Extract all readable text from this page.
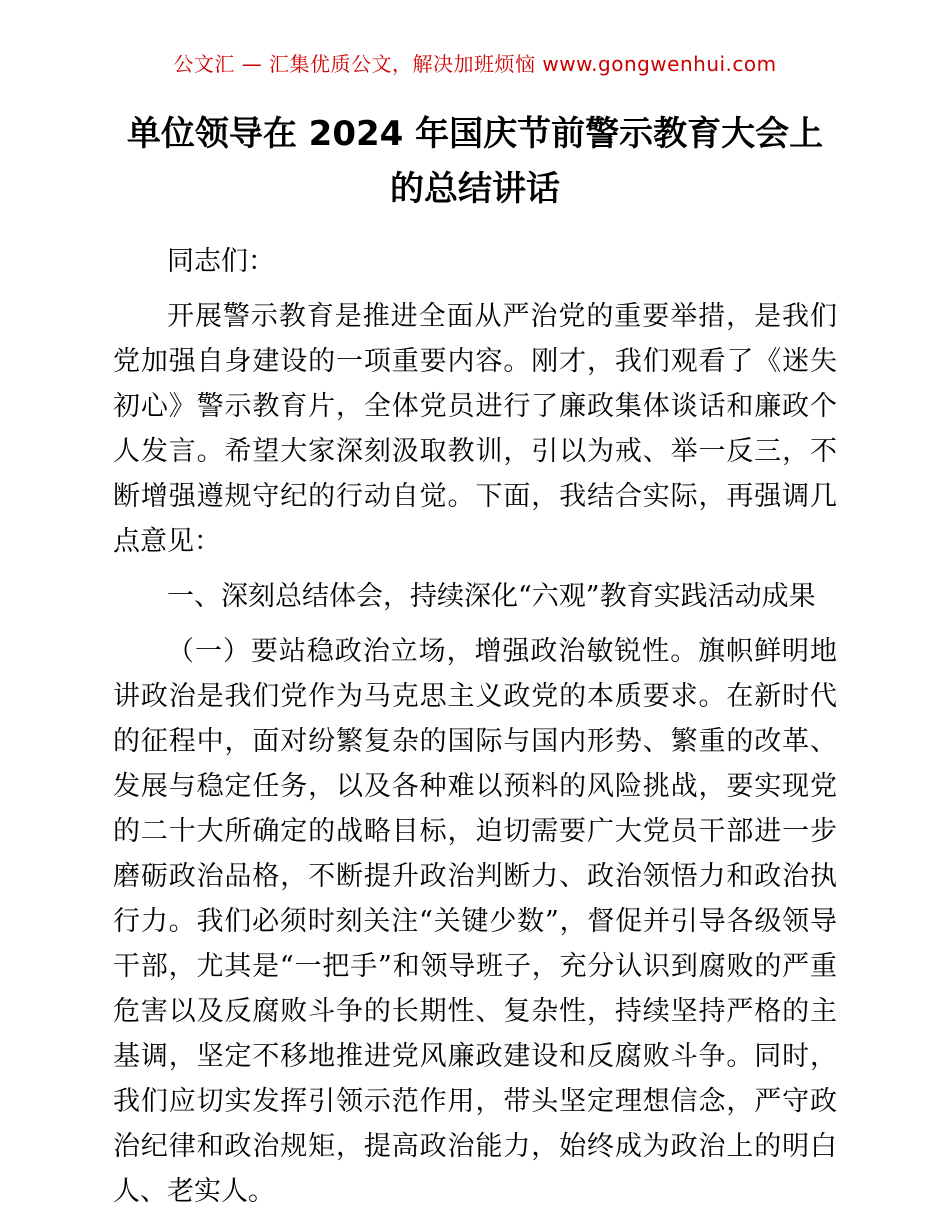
公文汇 — 汇集优质公文，解决加班烦恼 www.gongwenhui.com
单位领导在 2024 年国庆节前警示教育大会上的总结讲话

同志们：

开展警示教育是推进全面从严治党的重要举措，是我们党加强自身建设的一项重要内容。刚才，我们观看了《迷失初心》警示教育片，全体党员进行了廉政集体谈话和廉政个人发言。希望大家深刻汲取教训，引以为戒、举一反三，不断增强遵规守纪的行动自觉。下面，我结合实际，再强调几点意见：

一、深刻总结体会，持续深化“六观”教育实践活动成果

（一）要站稳政治立场，增强政治敏锐性。旗帜鲜明地讲政治是我们党作为马克思主义政党的本质要求。在新时代的征程中，面对纷繁复杂的国际与国内形势、繁重的改革、发展与稳定任务，以及各种难以预料的风险挑战，要实现党的二十大所确定的战略目标，迫切需要广大党员干部进一步磨砺政治品格，不断提升政治判断力、政治领悟力和政治执行力。我们必须时刻关注“关键少数”，督促并引导各级领导干部，尤其是“一把手”和领导班子，充分认识到腐败的严重危害以及反腐败斗争的长期性、复杂性，持续坚持严格的主基调，坚定不移地推进党风廉政建设和反腐败斗争。同时，我们应切实发挥引领示范作用，带头坚定理想信念，严守政治纪律和政治规矩，提高政治能力，始终成为政治上的明白人、老实人。
